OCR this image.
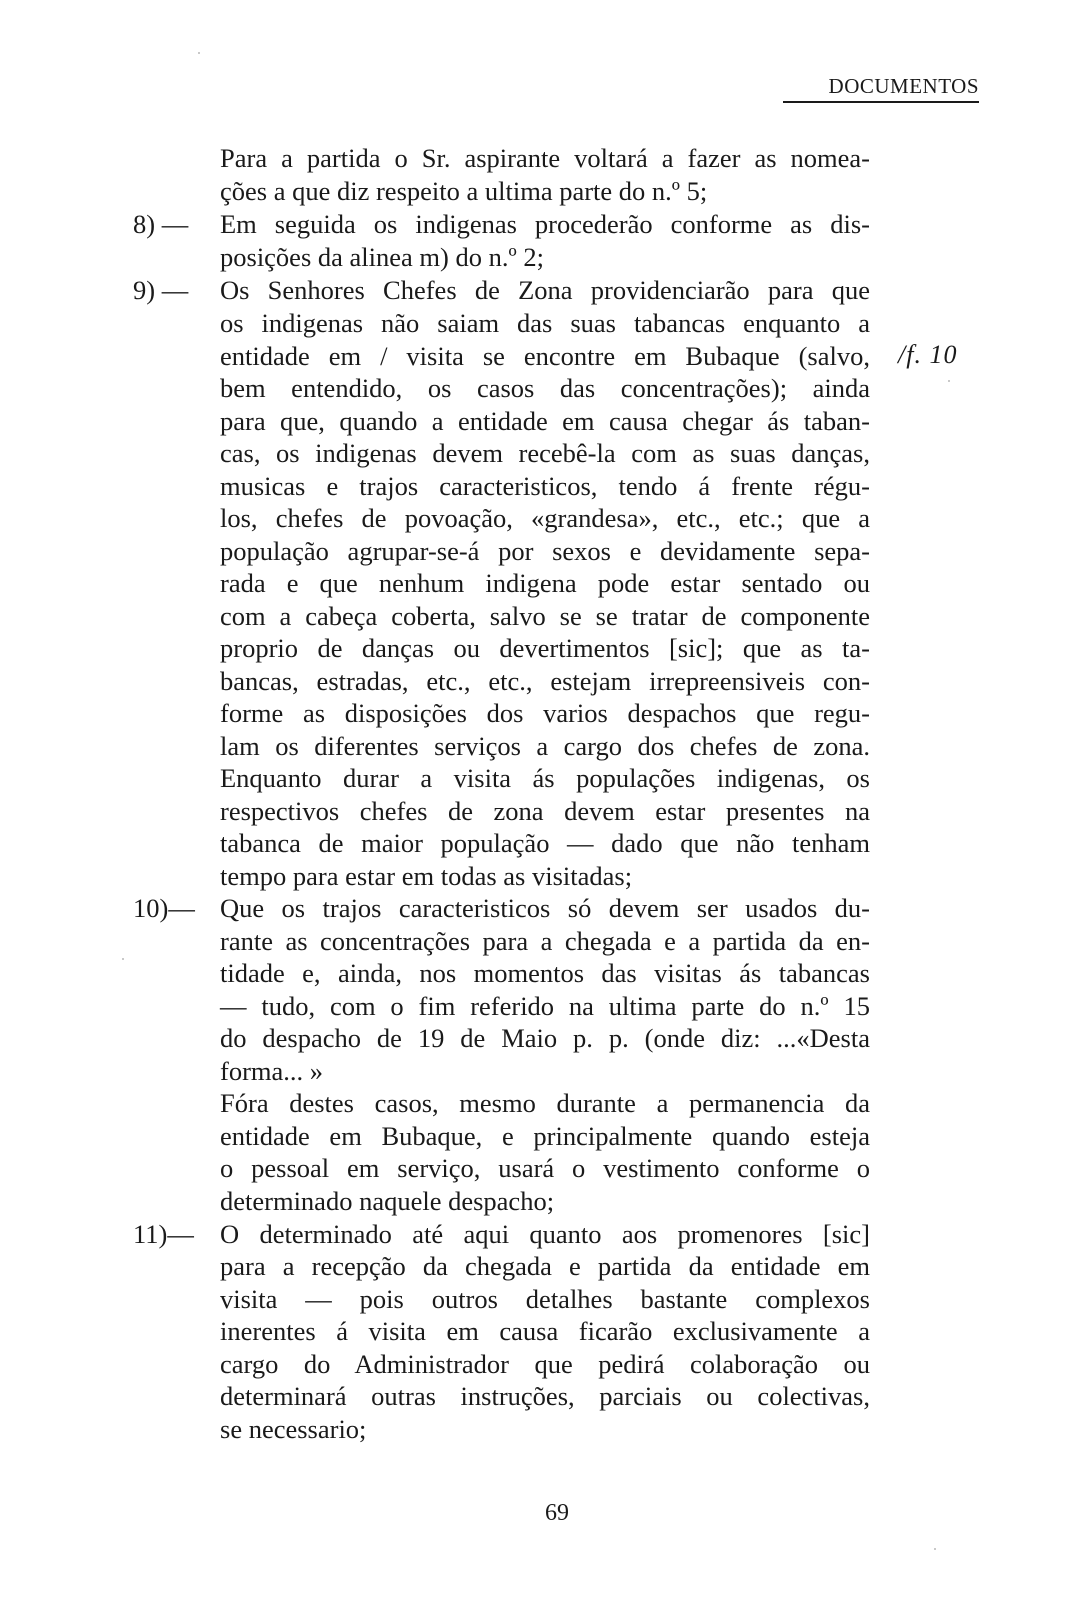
DOCUMENTOS
Para a partida o Sr. aspirante voltará a fazer as nomea-
ções a que diz respeito a ultima parte do n.º 5;
8) —	Em seguida os indigenas procederão conforme as dis-
posições da alinea m) do n.º 2;
9) —	Os Senhores Chefes de Zona providenciarão para que
os indigenas não saiam das suas tabancas enquanto a
entidade em / visita se encontre em Bubaque (salvo,
bem entendido, os casos das concentrações); ainda
para que, quando a entidade em causa chegar ás taban-
cas, os indigenas devem recebê-la com as suas danças,
musicas e trajos caracteristicos, tendo á frente régu-
los, chefes de povoação, «grandesa», etc., etc.; que a
população agrupar-se-á por sexos e devidamente sepa-
rada e que nenhum indigena pode estar sentado ou
com a cabeça coberta, salvo se se tratar de componente
proprio de danças ou devertimentos [sic]; que as ta-
bancas, estradas, etc., etc., estejam irrepreensiveis con-
forme as disposições dos varios despachos que regu-
lam os diferentes serviços a cargo dos chefes de zona.
Enquanto durar a visita ás populações indigenas, os
respectivos chefes de zona devem estar presentes na
tabanca de maior população — dado que não tenham
tempo para estar em todas as visitadas;
10)— Que os trajos caracteristicos só devem ser usados du-
rante as concentrações para a chegada e a partida da en-
tidade e, ainda, nos momentos das visitas ás tabancas
— tudo, com o fim referido na ultima parte do n.º 15
do despacho de 19 de Maio p. p. (onde diz: ...«Desta
forma... »
Fóra destes casos, mesmo durante a permanencia da
entidade em Bubaque, e principalmente quando esteja
o pessoal em serviço, usará o vestimento conforme o
determinado naquele despacho;
11)— O determinado até aqui quanto aos promenores [sic]
para a recepção da chegada e partida da entidade em
visita — pois outros detalhes bastante complexos
inerentes á visita em causa ficarão exclusivamente a
cargo do Administrador que pedirá colaboração ou
determinará outras instruções, parciais ou colectivas,
se necessario;
/f. 10
69
